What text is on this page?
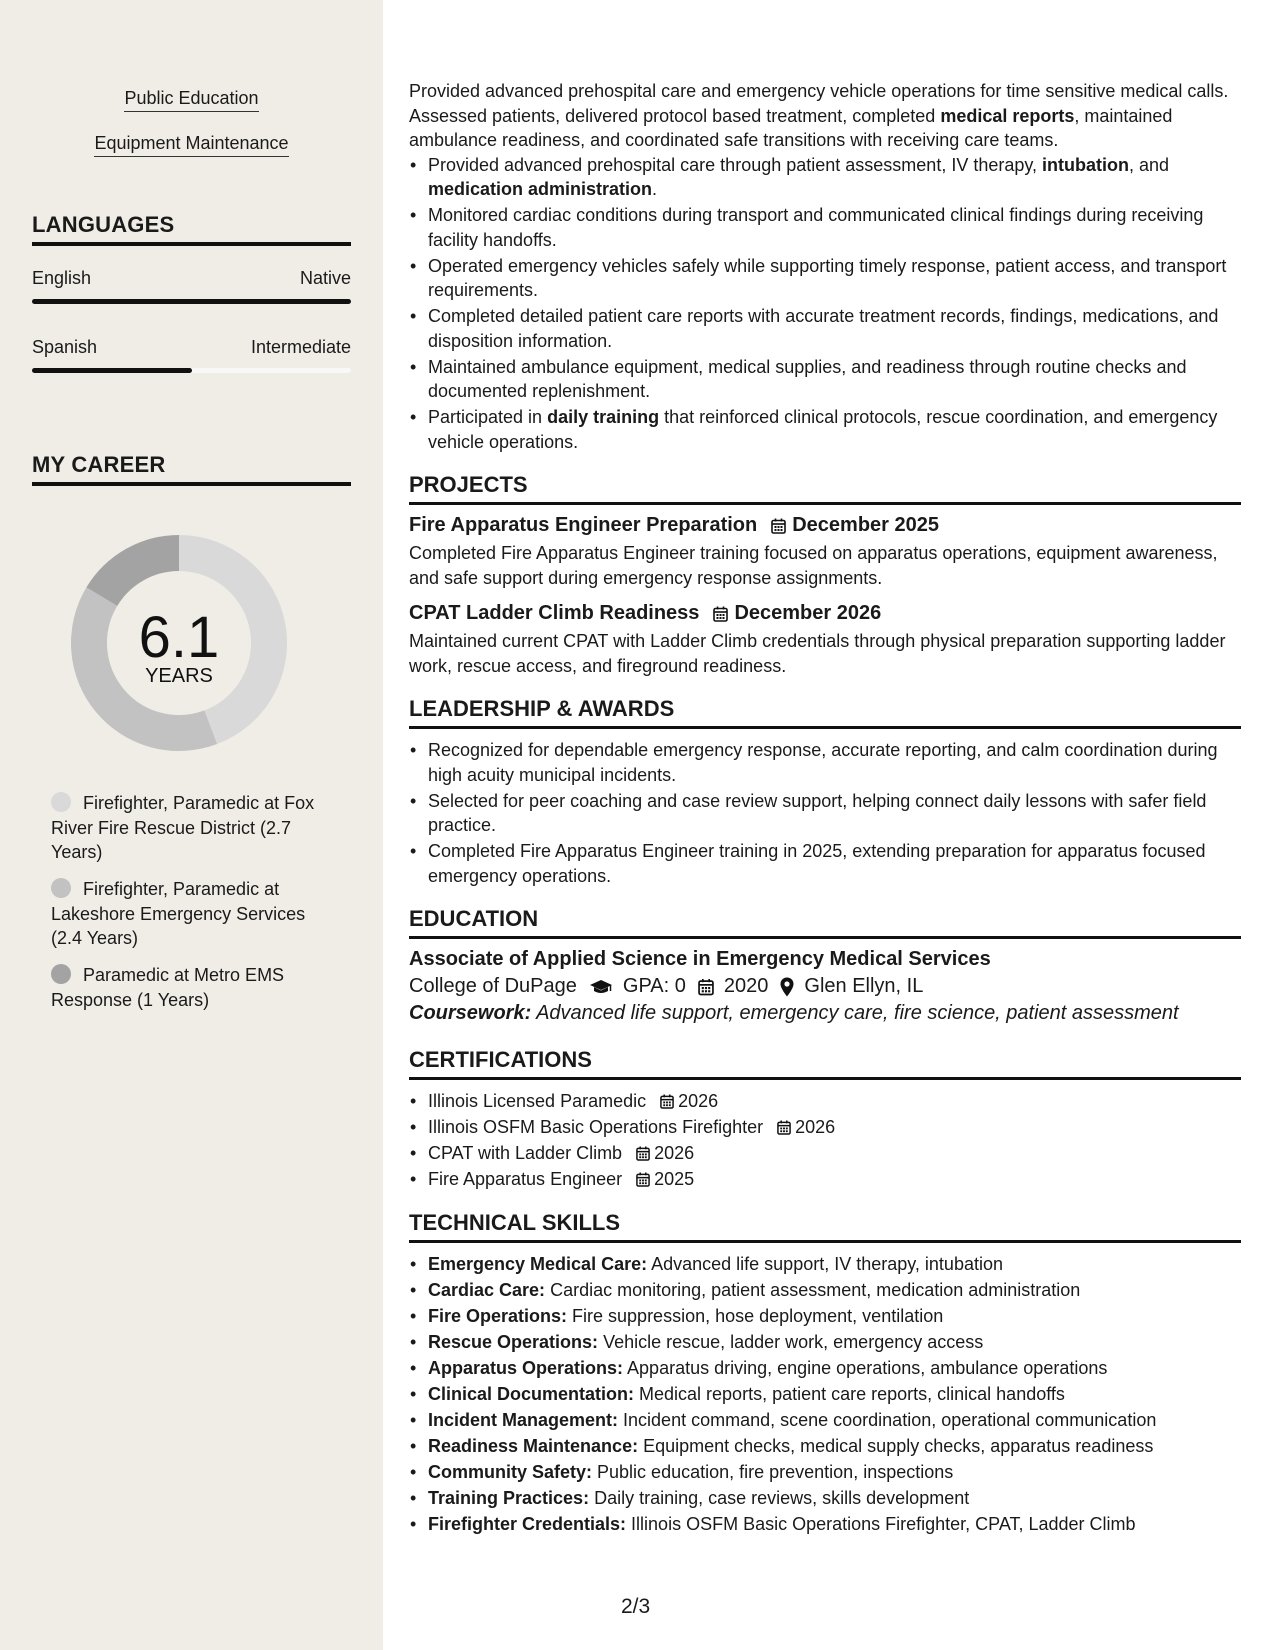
Public Education
Equipment Maintenance
LANGUAGES
English	Native
Spanish	Intermediate
MY CAREER
6.1
YEARS
Firefighter, Paramedic at Fox River Fire Rescue District (2.7 Years)
Firefighter, Paramedic at Lakeshore Emergency Services (2.4 Years)
Paramedic at Metro EMS Response (1 Years)

Provided advanced prehospital care and emergency vehicle operations for time sensitive medical calls. Assessed patients, delivered protocol based treatment, completed medical reports, maintained ambulance readiness, and coordinated safe transitions with receiving care teams.

• Provided advanced prehospital care through patient assessment, IV therapy, intubation, and medication administration.
• Monitored cardiac conditions during transport and communicated clinical findings during receiving facility handoffs.
• Operated emergency vehicles safely while supporting timely response, patient access, and transport requirements.
• Completed detailed patient care reports with accurate treatment records, findings, medications, and disposition information.
• Maintained ambulance equipment, medical supplies, and readiness through routine checks and documented replenishment.
• Participated in daily training that reinforced clinical protocols, rescue coordination, and emergency vehicle operations.
PROJECTS
Fire Apparatus Engineer Preparation December 2025

Completed Fire Apparatus Engineer training focused on apparatus operations, equipment awareness, and safe support during emergency response assignments.

CPAT Ladder Climb Readiness December 2026

Maintained current CPAT with Ladder Climb credentials through physical preparation supporting ladder work, rescue access, and fireground readiness.

LEADERSHIP & AWARDS
• Recognized for dependable emergency response, accurate reporting, and calm coordination during high acuity municipal incidents.
• Selected for peer coaching and case review support, helping connect daily lessons with safer field practice.
• Completed Fire Apparatus Engineer training in 2025, extending preparation for apparatus focused emergency operations.
EDUCATION
Associate of Applied Science in Emergency Medical Services
College of DuPage GPA: 0 2020 Glen Ellyn, IL
Coursework: Advanced life support, emergency care, fire science, patient assessment
CERTIFICATIONS
• Illinois Licensed Paramedic 2026
• Illinois OSFM Basic Operations Firefighter 2026
• CPAT with Ladder Climb 2026
• Fire Apparatus Engineer 2025
TECHNICAL SKILLS
• Emergency Medical Care: Advanced life support, IV therapy, intubation
• Cardiac Care: Cardiac monitoring, patient assessment, medication administration
• Fire Operations: Fire suppression, hose deployment, ventilation
• Rescue Operations: Vehicle rescue, ladder work, emergency access
• Apparatus Operations: Apparatus driving, engine operations, ambulance operations
• Clinical Documentation: Medical reports, patient care reports, clinical handoffs
• Incident Management: Incident command, scene coordination, operational communication
• Readiness Maintenance: Equipment checks, medical supply checks, apparatus readiness
• Community Safety: Public education, fire prevention, inspections
• Training Practices: Daily training, case reviews, skills development
• Firefighter Credentials: Illinois OSFM Basic Operations Firefighter, CPAT, Ladder Climb
2/3
